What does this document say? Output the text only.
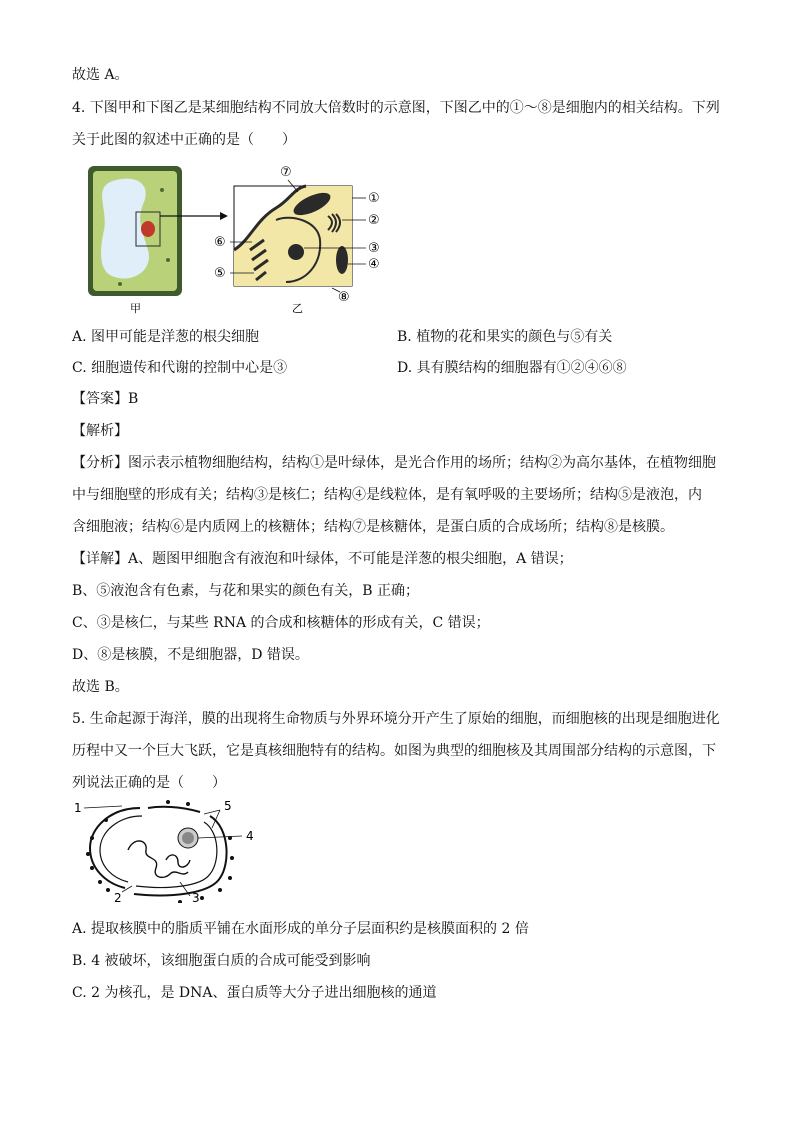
故选 A。
4. 下图甲和下图乙是某细胞结构不同放大倍数时的示意图，下图乙中的①～⑧是细胞内的相关结构。下列
关于此图的叙述中正确的是（　　）
⑦
①
②
③
④
⑥
⑤
⑧
甲	乙
A. 图甲可能是洋葱的根尖细胞	B. 植物的花和果实的颜色与⑤有关
C. 细胞遗传和代谢的控制中心是③	D. 具有膜结构的细胞器有①②④⑥⑧
【答案】B
【解析】
【分析】图示表示植物细胞结构，结构①是叶绿体，是光合作用的场所；结构②为高尔基体，在植物细胞
中与细胞壁的形成有关；结构③是核仁；结构④是线粒体，是有氧呼吸的主要场所；结构⑤是液泡，内
含细胞液；结构⑥是内质网上的核糖体；结构⑦是核糖体，是蛋白质的合成场所；结构⑧是核膜。
【详解】A、题图甲细胞含有液泡和叶绿体，不可能是洋葱的根尖细胞，A 错误；
B、⑤液泡含有色素，与花和果实的颜色有关，B 正确；
C、③是核仁，与某些 RNA 的合成和核糖体的形成有关，C 错误；
D、⑧是核膜，不是细胞器，D 错误。
故选 B。
5. 生命起源于海洋，膜的出现将生命物质与外界环境分开产生了原始的细胞，而细胞核的出现是细胞进化
历程中又一个巨大飞跃，它是真核细胞特有的结构。如图为典型的细胞核及其周围部分结构的示意图，下
列说法正确的是（　　）
1
2	3
4
5
A. 提取核膜中的脂质平铺在水面形成的单分子层面积约是核膜面积的 2 倍
B. 4 被破坏，该细胞蛋白质的合成可能受到影响
C. 2 为核孔，是 DNA、蛋白质等大分子进出细胞核的通道
